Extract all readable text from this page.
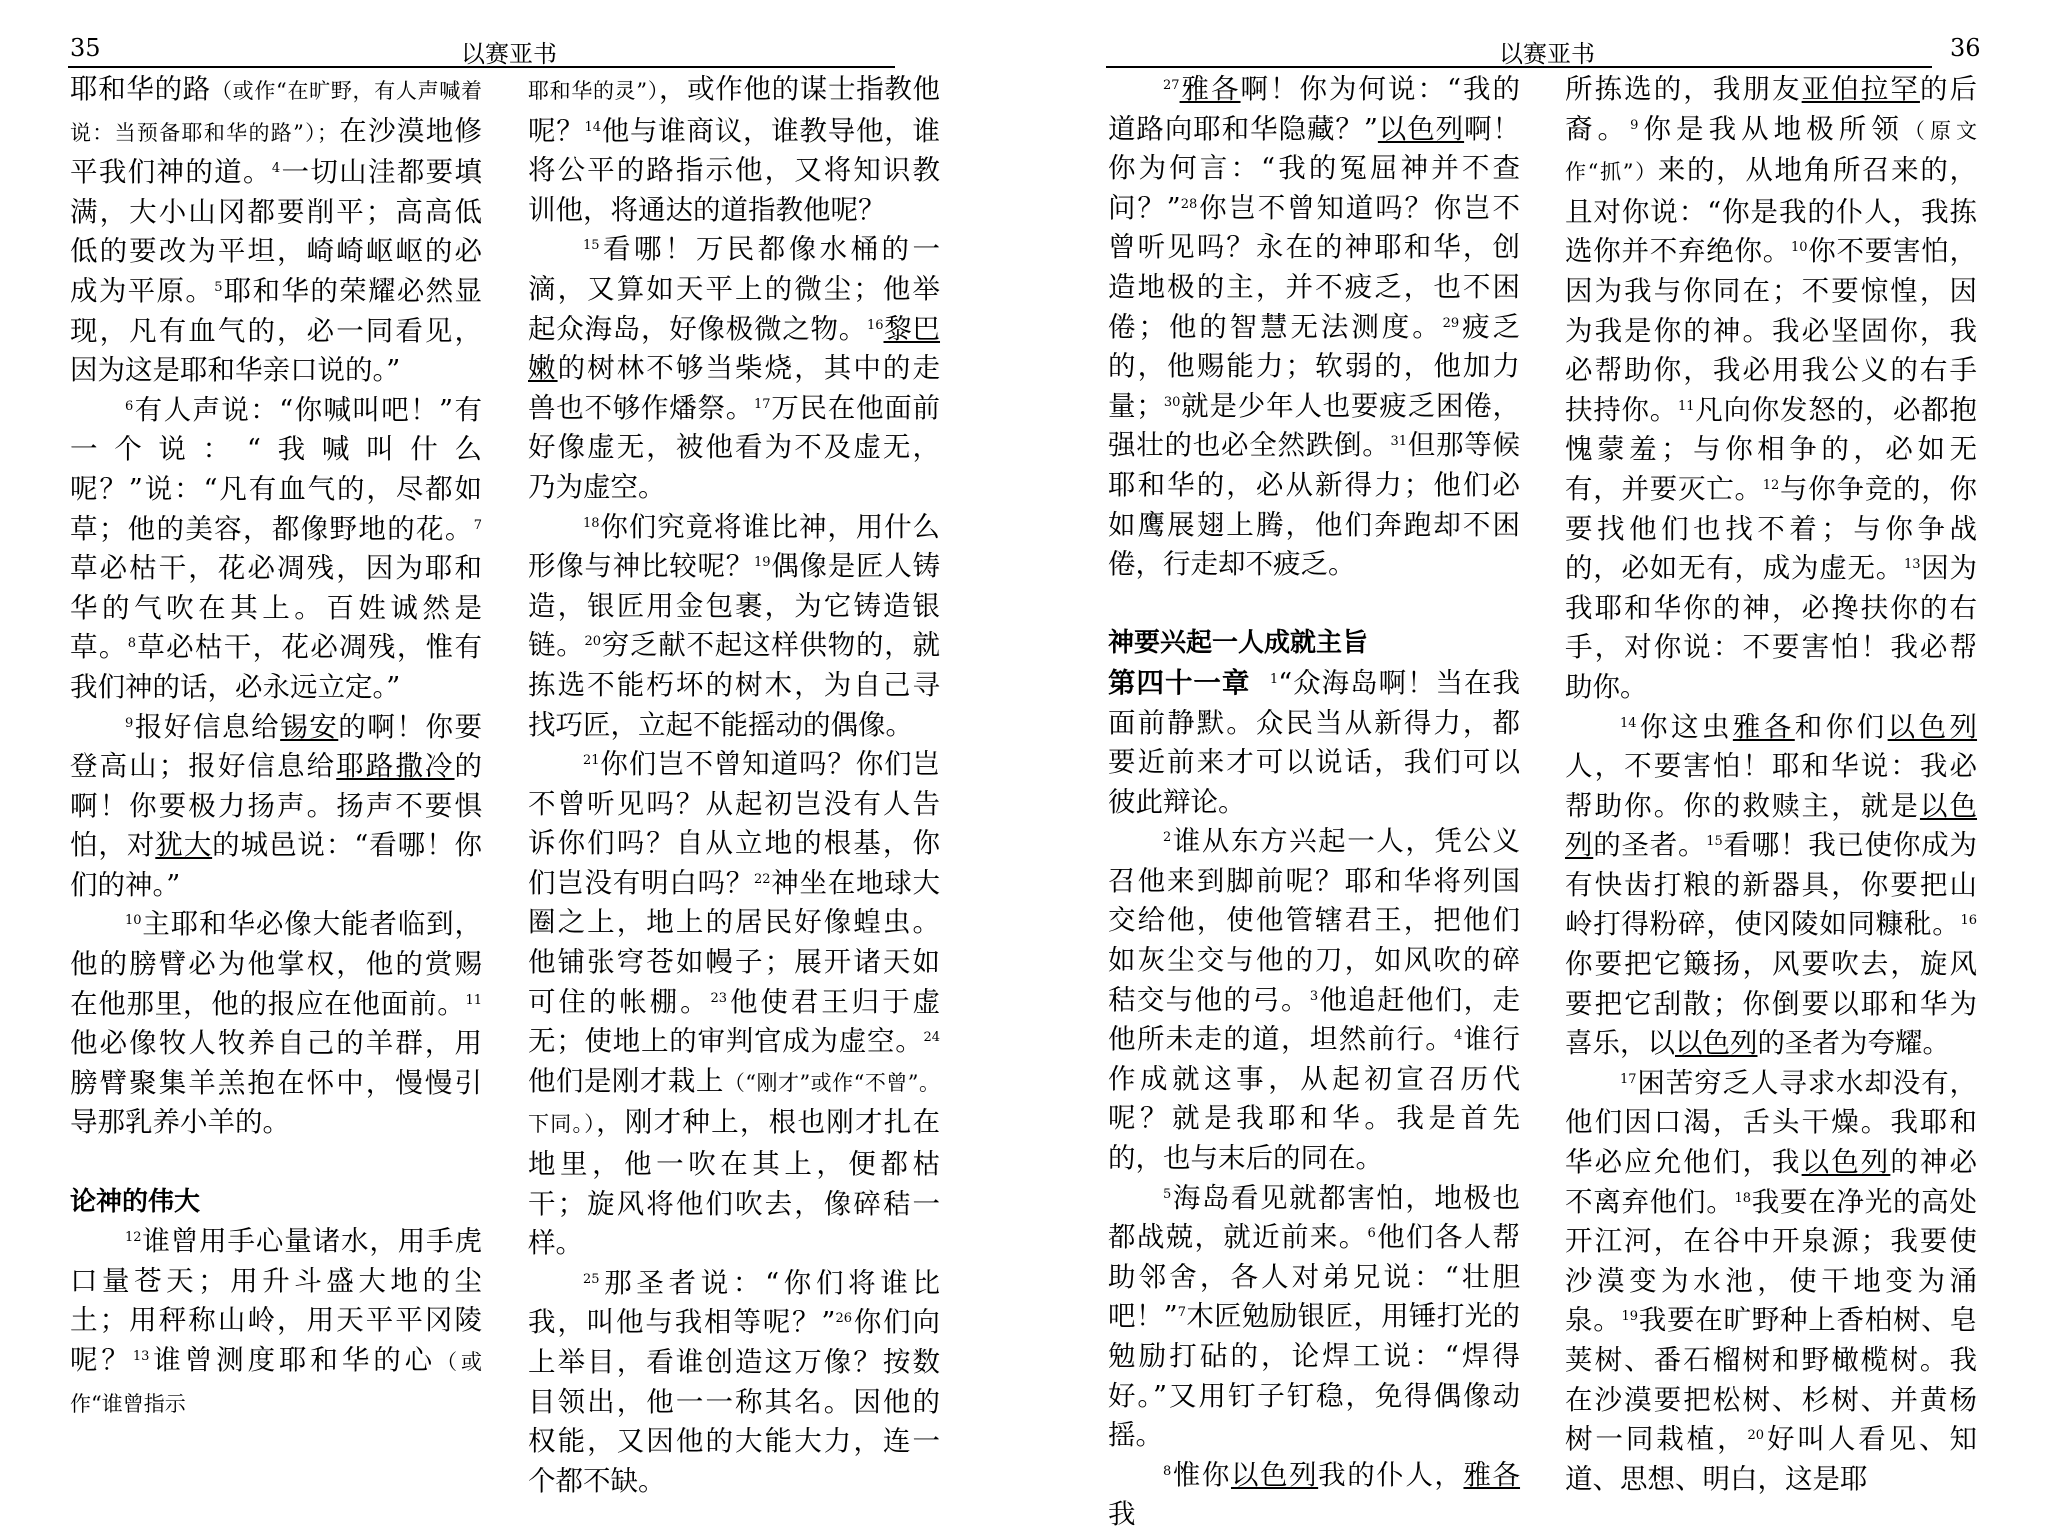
35	以赛亚书	以赛亚书	36

耶和华的路（或作“在旷野，有人声喊着说：当预备耶和华的路”）；在沙漠地修平我们神的道。$^4$一切山洼都要填满，大小山冈都要削平；高高低低的要改为平坦，崎崎岖岖的必成为平原。$^5$耶和华的荣耀必然显现，凡有血气的，必一同看见，因为这是耶和华亲口说的。”

$^6$有人声说：“你喊叫吧！”有一个说：“我喊叫什么呢？”说：“凡有血气的，尽都如草；他的美容，都像野地的花。$^7$草必枯干，花必凋残，因为耶和华的气吹在其上。百姓诚然是草。$^8$草必枯干，花必凋残，惟有我们神的话，必永远立定。”

$^9$报好信息给锡安的啊！你要登高山；报好信息给耶路撒冷的啊！你要极力扬声。扬声不要惧怕，对犹大的城邑说：“看哪！你们的神。”

$^{10}$主耶和华必像大能者临到，他的膀臂必为他掌权，他的赏赐在他那里，他的报应在他面前。$^{11}$他必像牧人牧养自己的羊群，用膀臂聚集羊羔抱在怀中，慢慢引导那乳养小羊的。

论神的伟大

$^{12}$谁曾用手心量诸水，用手虎口量苍天；用升斗盛大地的尘土；用秤称山岭，用天平平冈陵呢？$^{13}$谁曾测度耶和华的心（或作“谁曾指示

耶和华的灵”），或作他的谋士指教他呢？$^{14}$他与谁商议，谁教导他，谁将公平的路指示他，又将知识教训他，将通达的道指教他呢？

$^{15}$看哪！万民都像水桶的一滴，又算如天平上的微尘；他举起众海岛，好像极微之物。$^{16}$黎巴嫩的树林不够当柴烧，其中的走兽也不够作燔祭。$^{17}$万民在他面前好像虚无，被他看为不及虚无，乃为虚空。

$^{18}$你们究竟将谁比神，用什么形像与神比较呢？$^{19}$偶像是匠人铸造，银匠用金包裹，为它铸造银链。$^{20}$穷乏献不起这样供物的，就拣选不能朽坏的树木，为自己寻找巧匠，立起不能摇动的偶像。

$^{21}$你们岂不曾知道吗？你们岂不曾听见吗？从起初岂没有人告诉你们吗？自从立地的根基，你们岂没有明白吗？$^{22}$神坐在地球大圈之上，地上的居民好像蝗虫。他铺张穹苍如幔子；展开诸天如可住的帐棚。$^{23}$他使君王归于虚无；使地上的审判官成为虚空。$^{24}$他们是刚才栽上（“刚才”或作“不曾”。下同。），刚才种上，根也刚才扎在地里，他一吹在其上，便都枯干；旋风将他们吹去，像碎秸一样。

$^{25}$那圣者说：“你们将谁比我，叫他与我相等呢？”$^{26}$你们向上举目，看谁创造这万像？按数目领出，他一一称其名。因他的权能，又因他的大能大力，连一个都不缺。

$^{27}$雅各啊！你为何说：“我的道路向耶和华隐藏？”以色列啊！你为何言：“我的冤屈神并不查问？”$^{28}$你岂不曾知道吗？你岂不曾听见吗？永在的神耶和华，创造地极的主，并不疲乏，也不困倦；他的智慧无法测度。$^{29}$疲乏的，他赐能力；软弱的，他加力量；$^{30}$就是少年人也要疲乏困倦，强壮的也必全然跌倒。$^{31}$但那等候耶和华的，必从新得力；他们必如鹰展翅上腾，他们奔跑却不困倦，行走却不疲乏。

神要兴起一人成就主旨

第四十一章 $^1$“众海岛啊！当在我面前静默。众民当从新得力，都要近前来才可以说话，我们可以彼此辩论。

$^2$谁从东方兴起一人，凭公义召他来到脚前呢？耶和华将列国交给他，使他管辖君王，把他们如灰尘交与他的刀，如风吹的碎秸交与他的弓。$^3$他追赶他们，走他所未走的道，坦然前行。$^4$谁行作成就这事，从起初宣召历代呢？就是我耶和华。我是首先的，也与末后的同在。

$^5$海岛看见就都害怕，地极也都战兢，就近前来。$^6$他们各人帮助邻舍，各人对弟兄说：“壮胆吧！”$^7$木匠勉励银匠，用锤打光的勉励打砧的，论焊工说：“焊得好。”又用钉子钉稳，免得偶像动摇。

$^8$惟你以色列我的仆人，雅各我

所拣选的，我朋友亚伯拉罕的后裔。$^9$你是我从地极所领（原文作“抓”）来的，从地角所召来的，且对你说：“你是我的仆人，我拣选你并不弃绝你。$^{10}$你不要害怕，因为我与你同在；不要惊惶，因为我是你的神。我必坚固你，我必帮助你，我必用我公义的右手扶持你。$^{11}$凡向你发怒的，必都抱愧蒙羞；与你相争的，必如无有，并要灭亡。$^{12}$与你争竞的，你要找他们也找不着；与你争战的，必如无有，成为虚无。$^{13}$因为我耶和华你的神，必搀扶你的右手，对你说：不要害怕！我必帮助你。

$^{14}$你这虫雅各和你们以色列人，不要害怕！耶和华说：我必帮助你。你的救赎主，就是以色列的圣者。$^{15}$看哪！我已使你成为有快齿打粮的新器具，你要把山岭打得粉碎，使冈陵如同糠秕。$^{16}$你要把它簸扬，风要吹去，旋风要把它刮散；你倒要以耶和华为喜乐，以以色列的圣者为夸耀。

$^{17}$困苦穷乏人寻求水却没有，他们因口渴，舌头干燥。我耶和华必应允他们，我以色列的神必不离弃他们。$^{18}$我要在净光的高处开江河，在谷中开泉源；我要使沙漠变为水池，使干地变为涌泉。$^{19}$我要在旷野种上香柏树、皂荚树、番石榴树和野橄榄树。我在沙漠要把松树、杉树、并黄杨树一同栽植，$^{20}$好叫人看见、知道、思想、明白，这是耶
